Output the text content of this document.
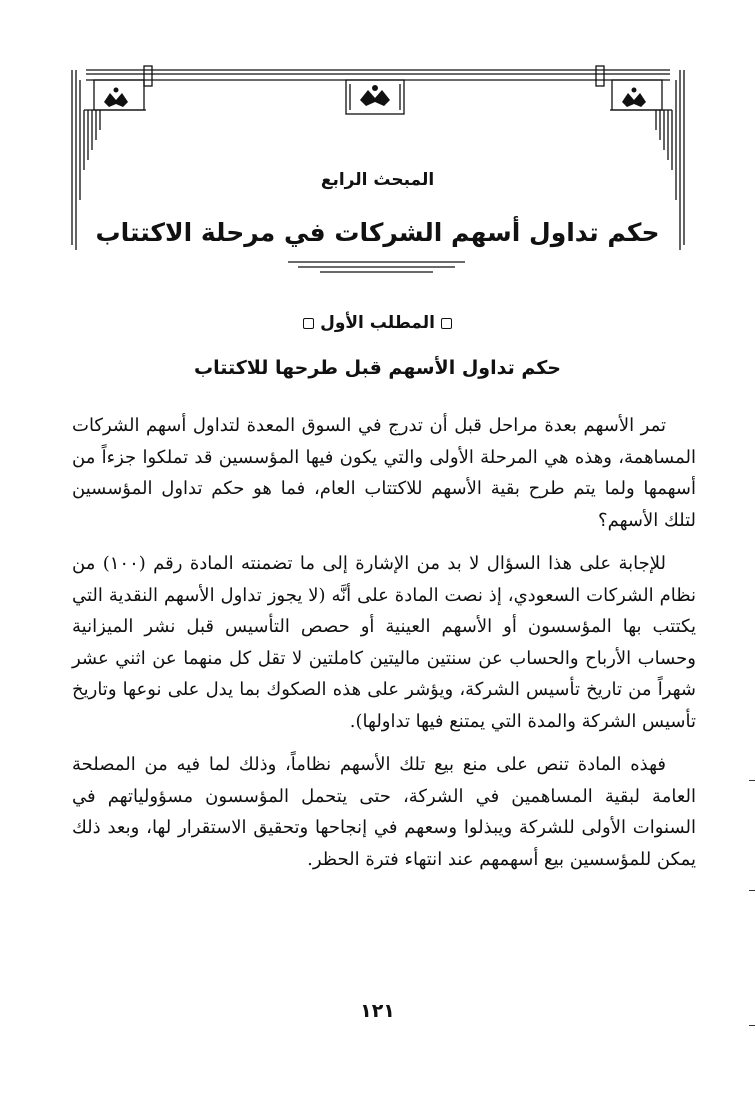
المبحث الرابع
حكم تداول أسهم الشركات في مرحلة الاكتتاب
المطلب الأول
حكم تداول الأسهم قبل طرحها للاكتتاب

تمر الأسهم بعدة مراحل قبل أن تدرج في السوق المعدة لتداول أسهم الشركات المساهمة، وهذه هي المرحلة الأولى والتي يكون فيها المؤسسين قد تملكوا جزءاً من أسهمها ولما يتم طرح بقية الأسهم للاكتتاب العام، فما هو حكم تداول المؤسسين لتلك الأسهم؟

للإجابة على هذا السؤال لا بد من الإشارة إلى ما تضمنته المادة رقم (١٠٠) من نظام الشركات السعودي، إذ نصت المادة على أنَّه (لا يجوز تداول الأسهم النقدية التي يكتتب بها المؤسسون أو الأسهم العينية أو حصص التأسيس قبل نشر الميزانية وحساب الأرباح والحساب عن سنتين ماليتين كاملتين لا تقل كل منهما عن اثني عشر شهراً من تاريخ تأسيس الشركة، ويؤشر على هذه الصكوك بما يدل على نوعها وتاريخ تأسيس الشركة والمدة التي يمتنع فيها تداولها).

فهذه المادة تنص على منع بيع تلك الأسهم نظاماً، وذلك لما فيه من المصلحة العامة لبقية المساهمين في الشركة، حتى يتحمل المؤسسون مسؤولياتهم في السنوات الأولى للشركة ويبذلوا وسعهم في إنجاحها وتحقيق الاستقرار لها، وبعد ذلك يمكن للمؤسسين بيع أسهمهم عند انتهاء فترة الحظر.

١٢١
